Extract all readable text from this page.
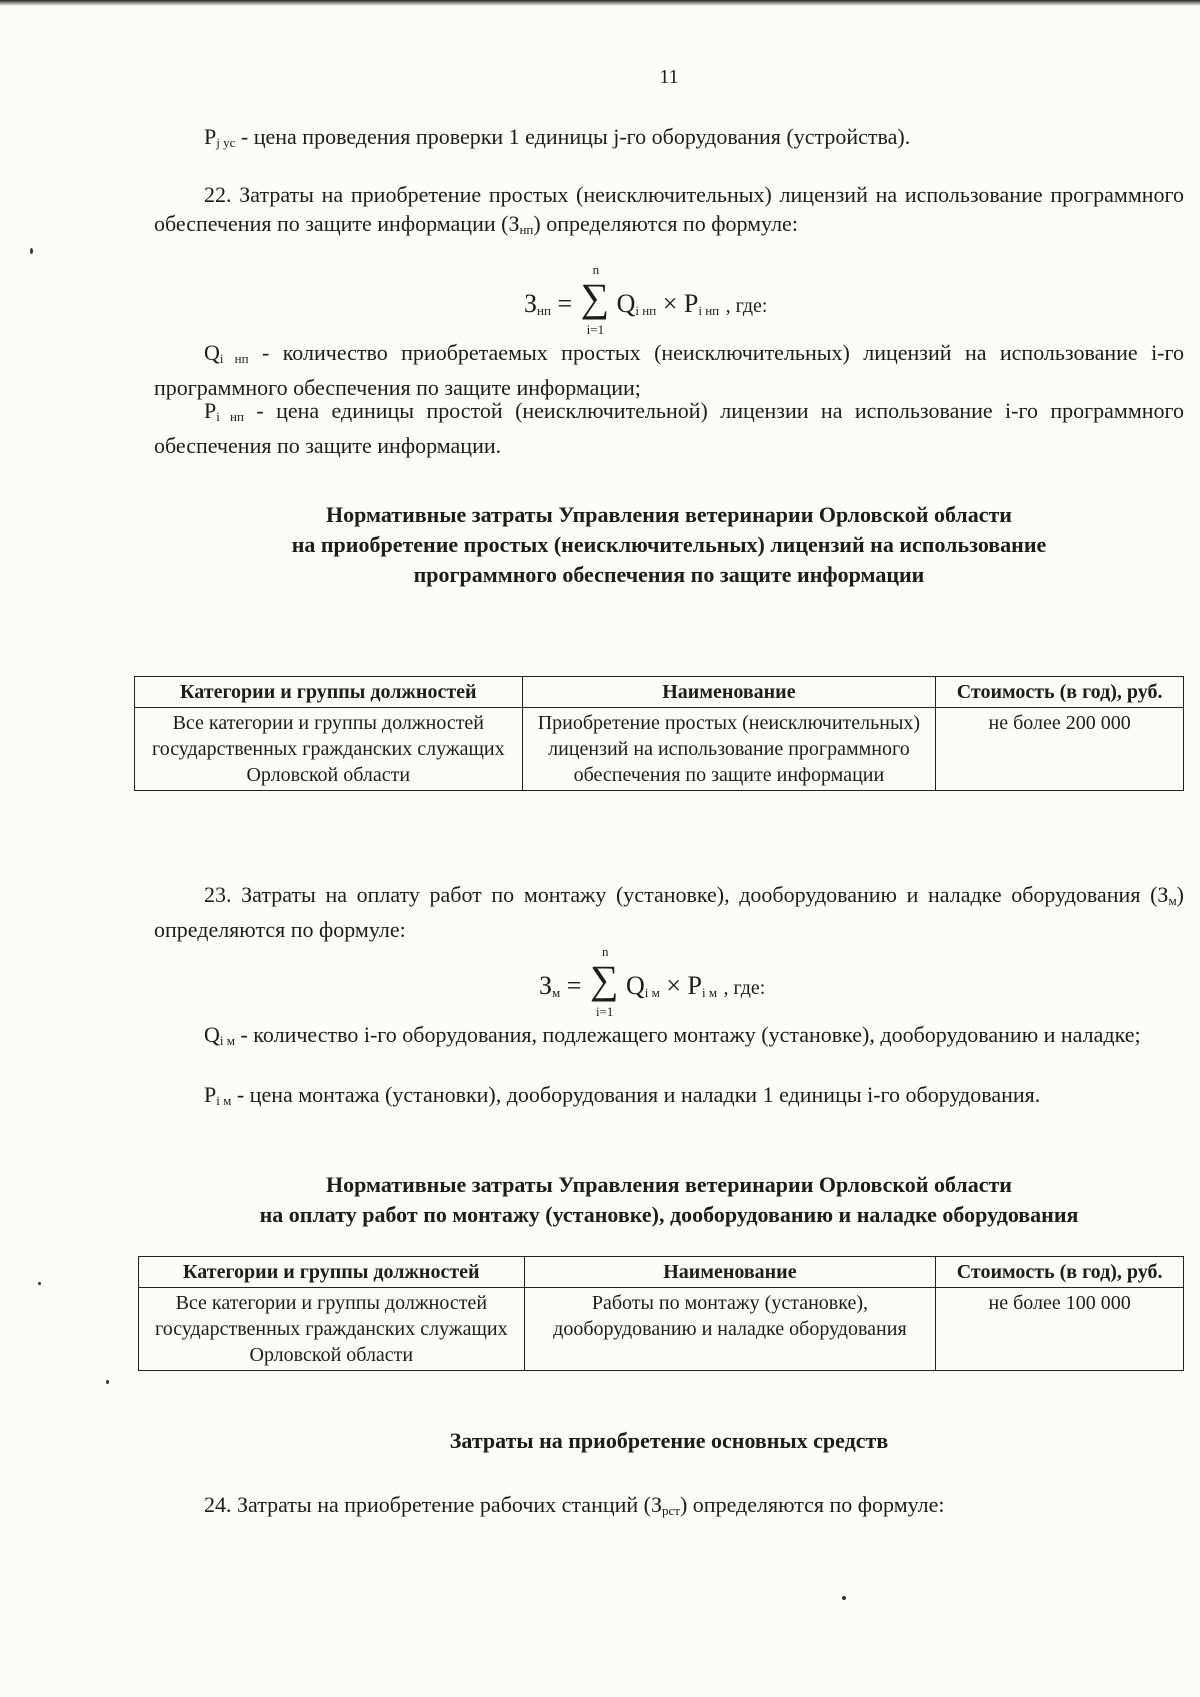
11
$P_{j ус}$ - цена проведения проверки 1 единицы j-го оборудования (устройства).
22. Затраты на приобретение простых (неисключительных) лицензий на использование программного обеспечения по защите информации $(З_{нп})$ определяются по формуле:
$З_{нп}$ = ∑
n
i=1
$Q_{i нп} \times P_{i нп}$ , где:
$Q_{i нп}$ - количество приобретаемых простых (неисключительных) лицензий на использование i-го программного обеспечения по защите информации;
$P_{i нп}$ - цена единицы простой (неисключительной) лицензии на использование i-го программного обеспечения по защите информации.
Нормативные затраты Управления ветеринарии Орловской области
на приобретение простых (неисключительных) лицензий на использование
программного обеспечения по защите информации
Категории и группы должностей	Наименование	Стоимость (в год), руб.
Все категории и группы должностей государственных гражданских служащих Орловской области	Приобретение простых (неисключительных) лицензий на использование программного обеспечения по защите информации	не более 200 000
23. Затраты на оплату работ по монтажу (установке), дооборудованию и наладке оборудования $(З_м)$ определяются по формуле:
$З_м$ = ∑
n
i=1
$Q_{i м} \times P_{i м}$ , где:
$Q_{i м}$ - количество i-го оборудования, подлежащего монтажу (установке), дооборудованию и наладке;
$P_{i м}$ - цена монтажа (установки), дооборудования и наладки 1 единицы i-го оборудования.
Нормативные затраты Управления ветеринарии Орловской области
на оплату работ по монтажу (установке), дооборудованию и наладке оборудования
Категории и группы должностей	Наименование	Стоимость (в год), руб.
Все категории и группы должностей государственных гражданских служащих Орловской области	Работы по монтажу (установке), дооборудованию и наладке оборудования	не более 100 000
Затраты на приобретение основных средств
24. Затраты на приобретение рабочих станций $(З_{рст})$ определяются по формуле:
